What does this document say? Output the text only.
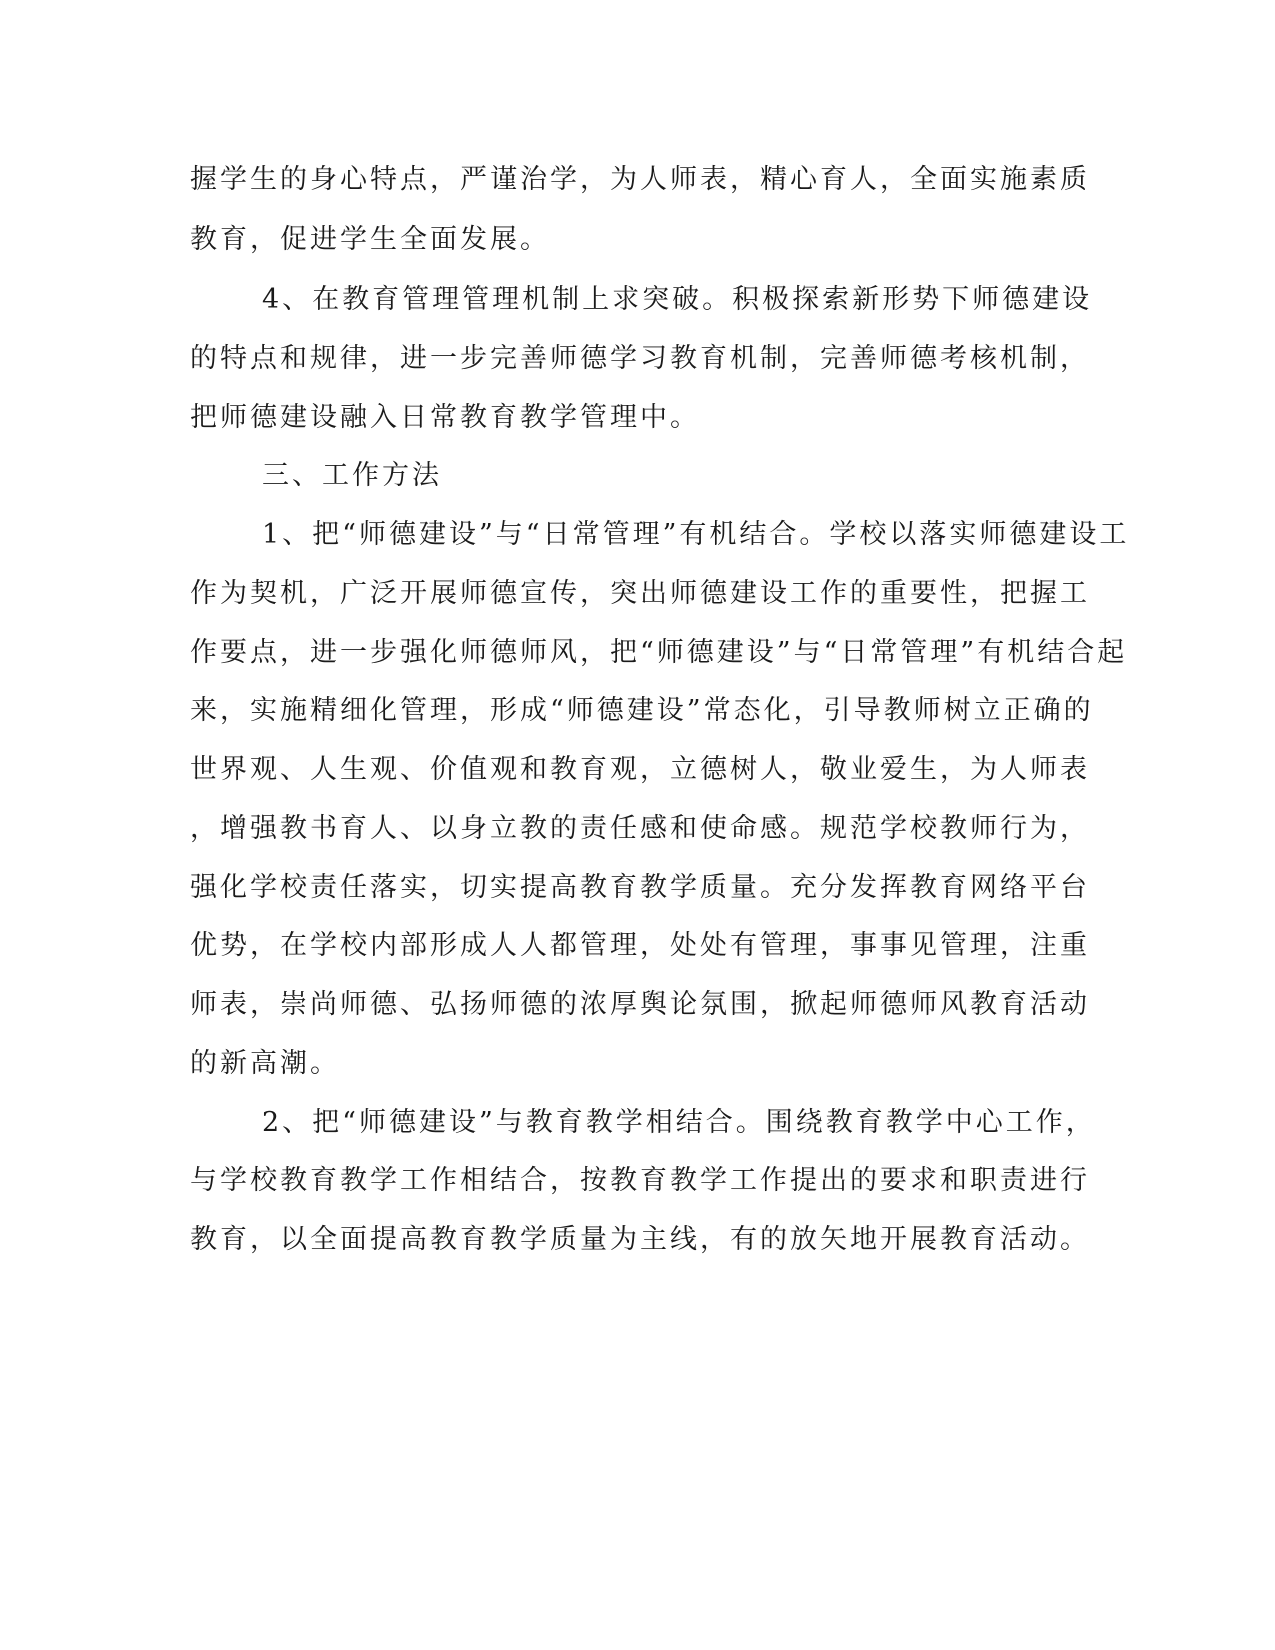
握学生的身心特点，严谨治学，为人师表，精心育人，全面实施素质
教育，促进学生全面发展。
4、在教育管理管理机制上求突破。积极探索新形势下师德建设
的特点和规律，进一步完善师德学习教育机制，完善师德考核机制，
把师德建设融入日常教育教学管理中。
三、工作方法
1、把“师德建设”与“日常管理”有机结合。学校以落实师德建设工
作为契机，广泛开展师德宣传，突出师德建设工作的重要性，把握工
作要点，进一步强化师德师风，把“师德建设”与“日常管理”有机结合起
来，实施精细化管理，形成“师德建设”常态化，引导教师树立正确的
世界观、人生观、价值观和教育观，立德树人，敬业爱生，为人师表
，增强教书育人、以身立教的责任感和使命感。规范学校教师行为，
强化学校责任落实，切实提高教育教学质量。充分发挥教育网络平台
优势，在学校内部形成人人都管理，处处有管理，事事见管理，注重
师表，崇尚师德、弘扬师德的浓厚舆论氛围，掀起师德师风教育活动
的新高潮。
2、把“师德建设”与教育教学相结合。围绕教育教学中心工作，
与学校教育教学工作相结合，按教育教学工作提出的要求和职责进行
教育，以全面提高教育教学质量为主线，有的放矢地开展教育活动。
